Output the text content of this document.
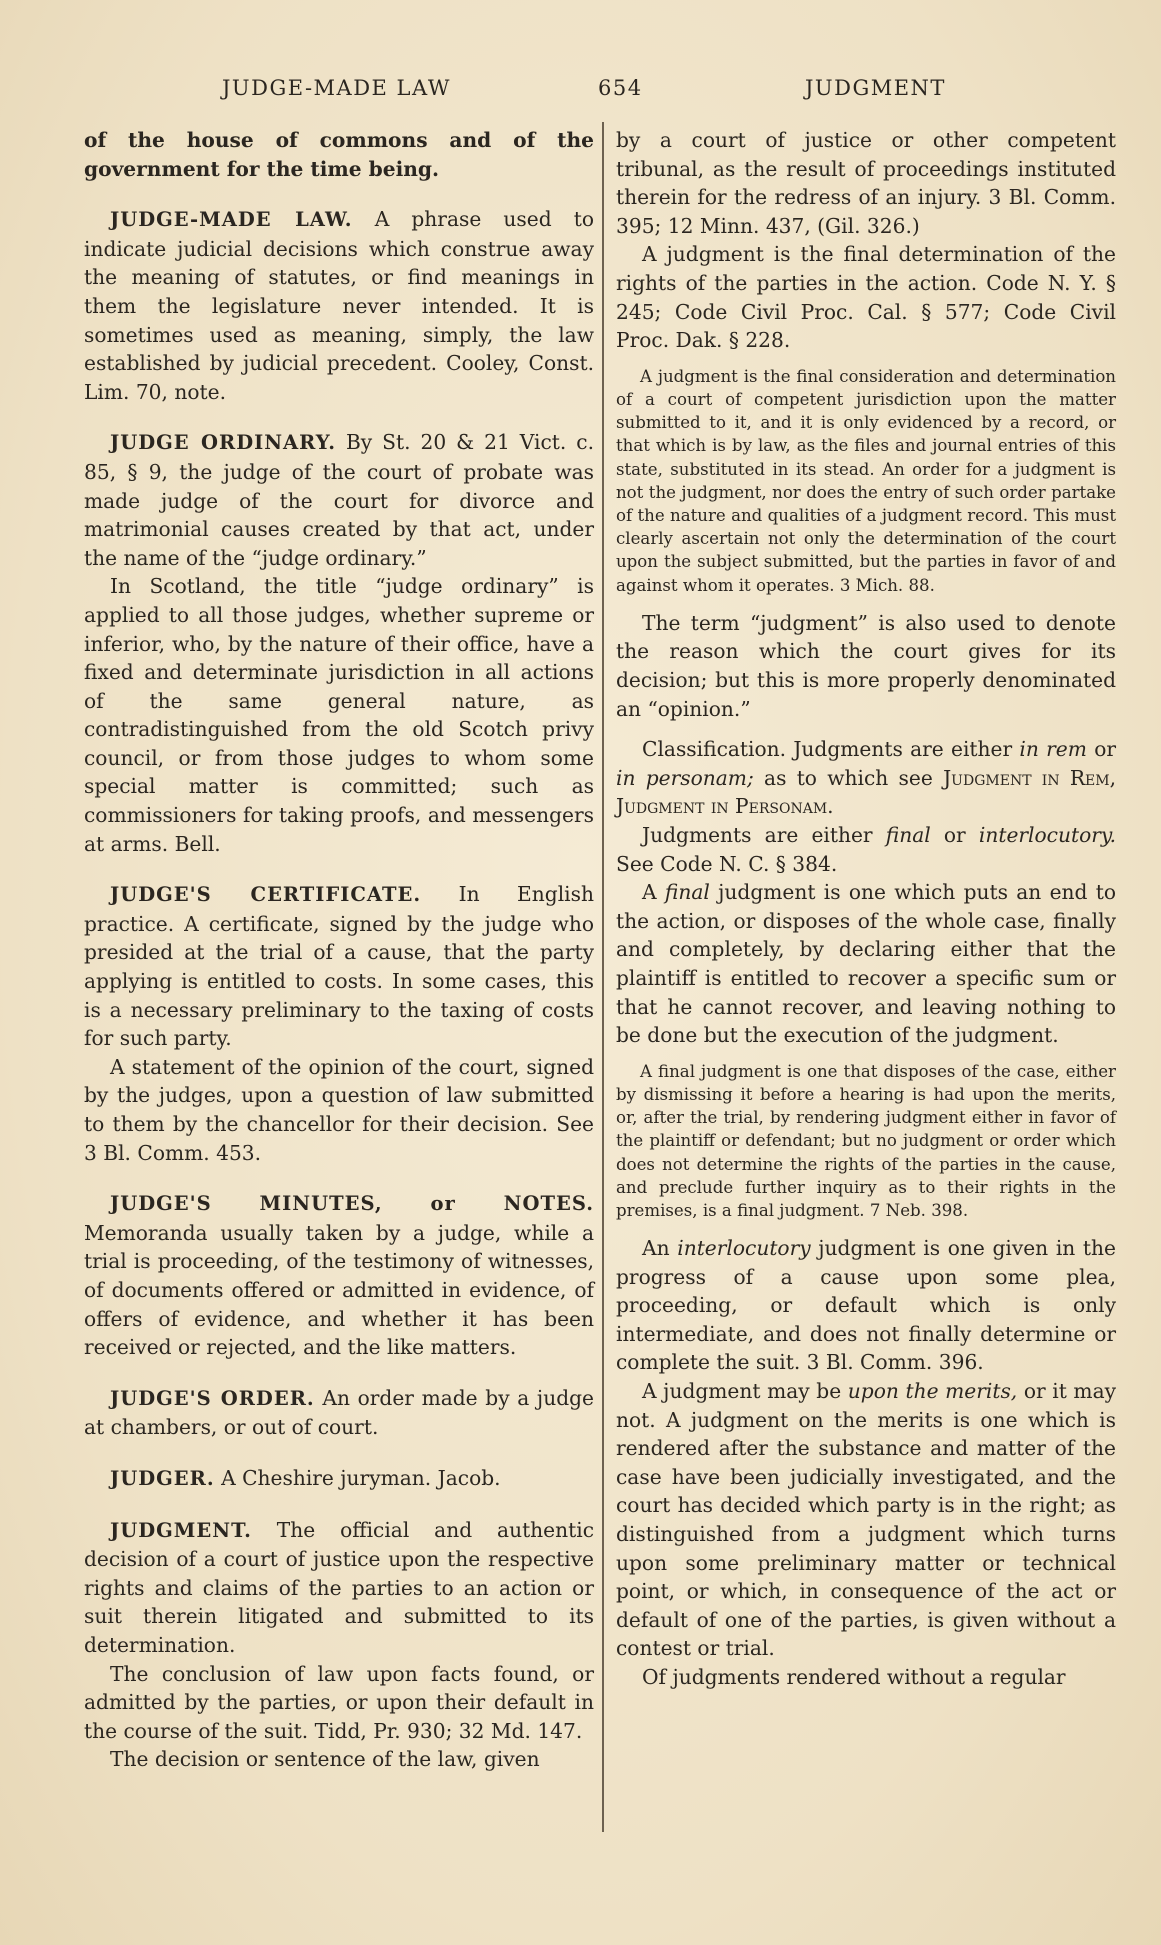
JUDGE-MADE LAW	654	JUDGMENT

of the house of commons and of the government for the time being.

JUDGE-MADE LAW. A phrase used to indicate judicial decisions which construe away the meaning of statutes, or find meanings in them the legislature never intended. It is sometimes used as meaning, simply, the law established by judicial precedent. Cooley, Const. Lim. 70, note.

JUDGE ORDINARY. By St. 20 & 21 Vict. c. 85, § 9, the judge of the court of probate was made judge of the court for divorce and matrimonial causes created by that act, under the name of the “judge ordinary.”

In Scotland, the title “judge ordinary” is applied to all those judges, whether supreme or inferior, who, by the nature of their office, have a fixed and determinate jurisdiction in all actions of the same general nature, as contradistinguished from the old Scotch privy council, or from those judges to whom some special matter is committed; such as commissioners for taking proofs, and messengers at arms. Bell.

JUDGE'S CERTIFICATE. In English practice. A certificate, signed by the judge who presided at the trial of a cause, that the party applying is entitled to costs. In some cases, this is a necessary preliminary to the taxing of costs for such party.

A statement of the opinion of the court, signed by the judges, upon a question of law submitted to them by the chancellor for their decision. See 3 Bl. Comm. 453.

JUDGE'S MINUTES, or NOTES. Memoranda usually taken by a judge, while a trial is proceeding, of the testimony of witnesses, of documents offered or admitted in evidence, of offers of evidence, and whether it has been received or rejected, and the like matters.

JUDGE'S ORDER. An order made by a judge at chambers, or out of court.

JUDGER. A Cheshire juryman. Jacob.

JUDGMENT. The official and authentic decision of a court of justice upon the respective rights and claims of the parties to an action or suit therein litigated and submitted to its determination.

The conclusion of law upon facts found, or admitted by the parties, or upon their default in the course of the suit. Tidd, Pr. 930; 32 Md. 147.

The decision or sentence of the law, given

by a court of justice or other competent tribunal, as the result of proceedings instituted therein for the redress of an injury. 3 Bl. Comm. 395; 12 Minn. 437, (Gil. 326.)

A judgment is the final determination of the rights of the parties in the action. Code N. Y. § 245; Code Civil Proc. Cal. § 577; Code Civil Proc. Dak. § 228.

A judgment is the final consideration and determination of a court of competent jurisdiction upon the matter submitted to it, and it is only evidenced by a record, or that which is by law, as the files and journal entries of this state, substituted in its stead. An order for a judgment is not the judgment, nor does the entry of such order partake of the nature and qualities of a judgment record. This must clearly ascertain not only the determination of the court upon the subject submitted, but the parties in favor of and against whom it operates. 3 Mich. 88.

The term “judgment” is also used to denote the reason which the court gives for its decision; but this is more properly denominated an “opinion.”

Classification. Judgments are either in rem or in personam; as to which see Judgment in Rem, Judgment in Personam.

Judgments are either final or interlocutory. See Code N. C. § 384.

A final judgment is one which puts an end to the action, or disposes of the whole case, finally and completely, by declaring either that the plaintiff is entitled to recover a specific sum or that he cannot recover, and leaving nothing to be done but the execution of the judgment.

A final judgment is one that disposes of the case, either by dismissing it before a hearing is had upon the merits, or, after the trial, by rendering judgment either in favor of the plaintiff or defendant; but no judgment or order which does not determine the rights of the parties in the cause, and preclude further inquiry as to their rights in the premises, is a final judgment. 7 Neb. 398.

An interlocutory judgment is one given in the progress of a cause upon some plea, proceeding, or default which is only intermediate, and does not finally determine or complete the suit. 3 Bl. Comm. 396.

A judgment may be upon the merits, or it may not. A judgment on the merits is one which is rendered after the substance and matter of the case have been judicially investigated, and the court has decided which party is in the right; as distinguished from a judgment which turns upon some preliminary matter or technical point, or which, in consequence of the act or default of one of the parties, is given without a contest or trial.

Of judgments rendered without a regular
